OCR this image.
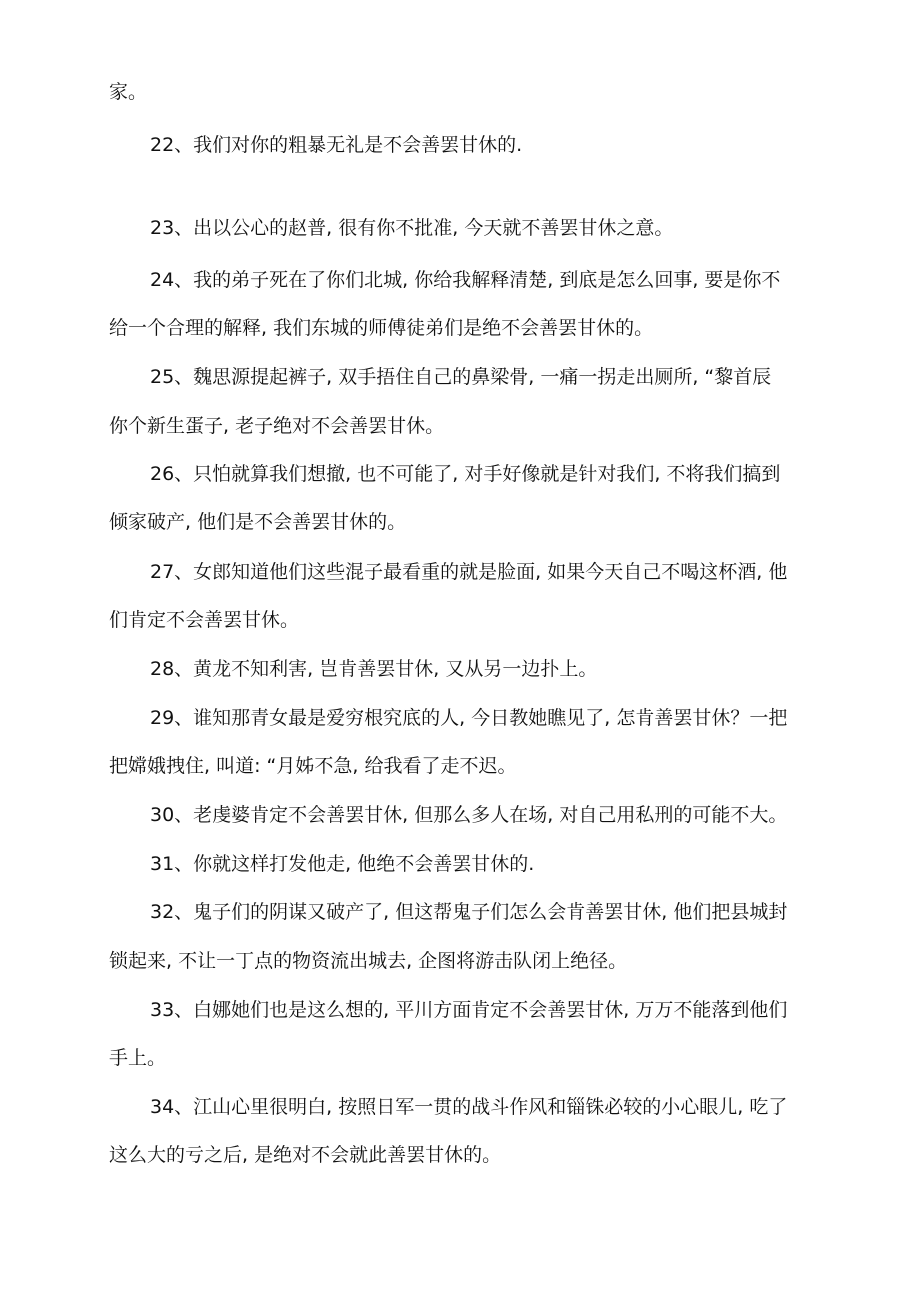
家。

22、我们对你的粗暴无礼是不会善罢甘休的.

23、出以公心的赵普, 很有你不批准, 今天就不善罢甘休之意。

24、我的弟子死在了你们北城, 你给我解释清楚, 到底是怎么回事, 要是你不

给一个合理的解释, 我们东城的师傅徒弟们是绝不会善罢甘休的。

25、魏思源提起裤子, 双手捂住自己的鼻梁骨, 一痛一拐走出厕所, “黎首辰

你个新生蛋子, 老子绝对不会善罢甘休。

26、只怕就算我们想撤, 也不可能了, 对手好像就是针对我们, 不将我们搞到

倾家破产, 他们是不会善罢甘休的。

27、女郎知道他们这些混子最看重的就是脸面, 如果今天自己不喝这杯酒, 他

们肯定不会善罢甘休。

28、黄龙不知利害, 岂肯善罢甘休, 又从另一边扑上。

29、谁知那青女最是爱穷根究底的人, 今日教她瞧见了, 怎肯善罢甘休？一把

把嫦娥拽住, 叫道: “月姊不急, 给我看了走不迟。

30、老虔婆肯定不会善罢甘休, 但那么多人在场, 对自己用私刑的可能不大。

31、你就这样打发他走, 他绝不会善罢甘休的.

32、鬼子们的阴谋又破产了, 但这帮鬼子们怎么会肯善罢甘休, 他们把县城封

锁起来, 不让一丁点的物资流出城去, 企图将游击队闭上绝径。

33、白娜她们也是这么想的, 平川方面肯定不会善罢甘休, 万万不能落到他们

手上。

34、江山心里很明白, 按照日军一贯的战斗作风和锱铢必较的小心眼儿, 吃了

这么大的亏之后, 是绝对不会就此善罢甘休的。
